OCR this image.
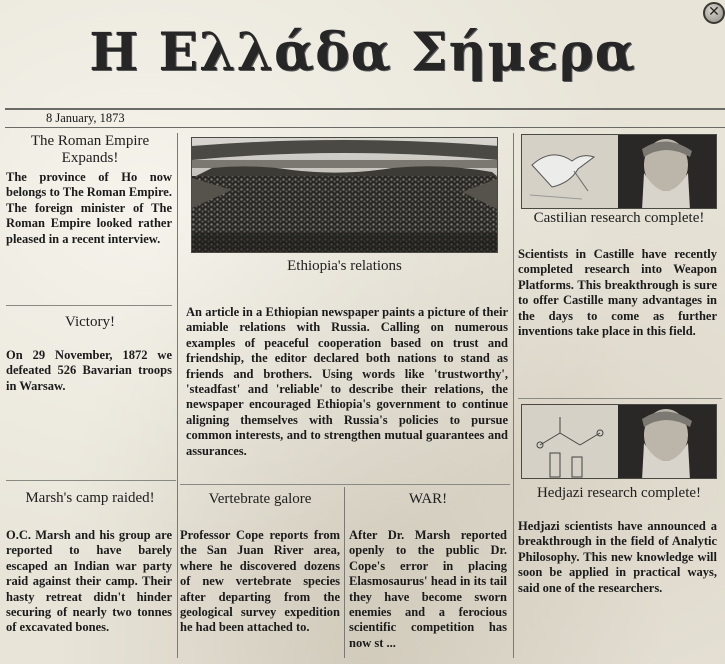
Η Ελλάδα Σήμερα
✕
8 January, 1873
The Roman Empire Expands!
The province of Ho now belongs to The Roman Empire. The foreign minister of The Roman Empire looked rather pleased in a recent interview.
Victory!
On 29 November, 1872 we defeated 526 Bavarian troops in Warsaw.
Marsh's camp raided!
O.C. Marsh and his group are reported to have barely escaped an Indian war party raid against their camp. Their hasty retreat didn't hinder securing of nearly two tonnes of excavated bones.
Ethiopia's relations
An article in a Ethiopian newspaper paints a picture of their amiable relations with Russia. Calling on numerous examples of peaceful cooperation based on trust and friendship, the editor declared both nations to stand as friends and brothers. Using words like 'trustworthy', 'steadfast' and 'reliable' to describe their relations, the newspaper encouraged Ethiopia's government to continue aligning themselves with Russia's policies to pursue common interests, and to strengthen mutual guarantees and assurances.
Vertebrate galore
Professor Cope reports from the San Juan River area, where he discovered dozens of new vertebrate species after departing from the geological survey expedition he had been attached to.
WAR!
After Dr. Marsh reported openly to the public Dr. Cope's error in placing Elasmosaurus' head in its tail they have become sworn enemies and a ferocious scientific competition has now st ...
Castilian research complete!
Scientists in Castille have recently completed research into Weapon Platforms. This breakthrough is sure to offer Castille many advantages in the days to come as further inventions take place in this field.
Hedjazi research complete!
Hedjazi scientists have announced a breakthrough in the field of Analytic Philosophy. This new knowledge will soon be applied in practical ways, said one of the researchers.
